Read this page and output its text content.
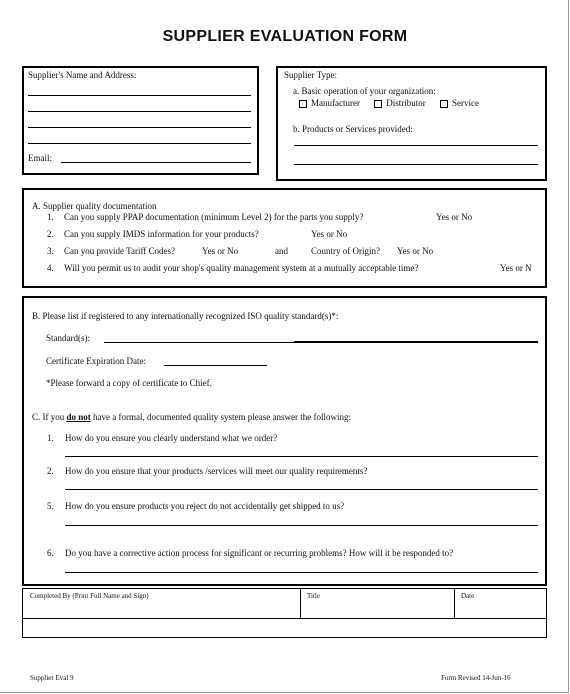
SUPPLIER EVALUATION FORM
Supplier's Name and Address:
Email:
Supplier Type:
a. Basic operation of your organization:
Manufacturer	Distributor	Service
b. Products or Services provided:
A. Supplier quality documentation
1. Can you supply PPAP documentation (minimum Level 2) for the parts you supply?	Yes or No
2. Can you supply IMDS information for your products?	Yes or No
3. Can you provide Tariff Codes?	Yes or No	and	Country of Origin? Yes or No
4. Will you permit us to audit your shop's quality management system at a mutually acceptable time?	Yes or N
B. Please list if registered to any internationally recognized ISO quality standard(s)*:
Standard(s):
Certificate Expiration Date:
*Please forward a copy of certificate to Chief.
C. If you do not have a formal, documented quality system please answer the following:
1. How do you ensure you clearly understand what we order?
2. How do you ensure that your products /services will meet our quality requirements?
5. How do you ensure products you reject do not accidentally get shipped to us?
6. Do you have a corrective action process for significant or recurring problems? How will it be responded to?
Completed By (Print Full Name and Sign)	Title	Date
Supplier Eval 9	Form Revised 14-Jun-16
